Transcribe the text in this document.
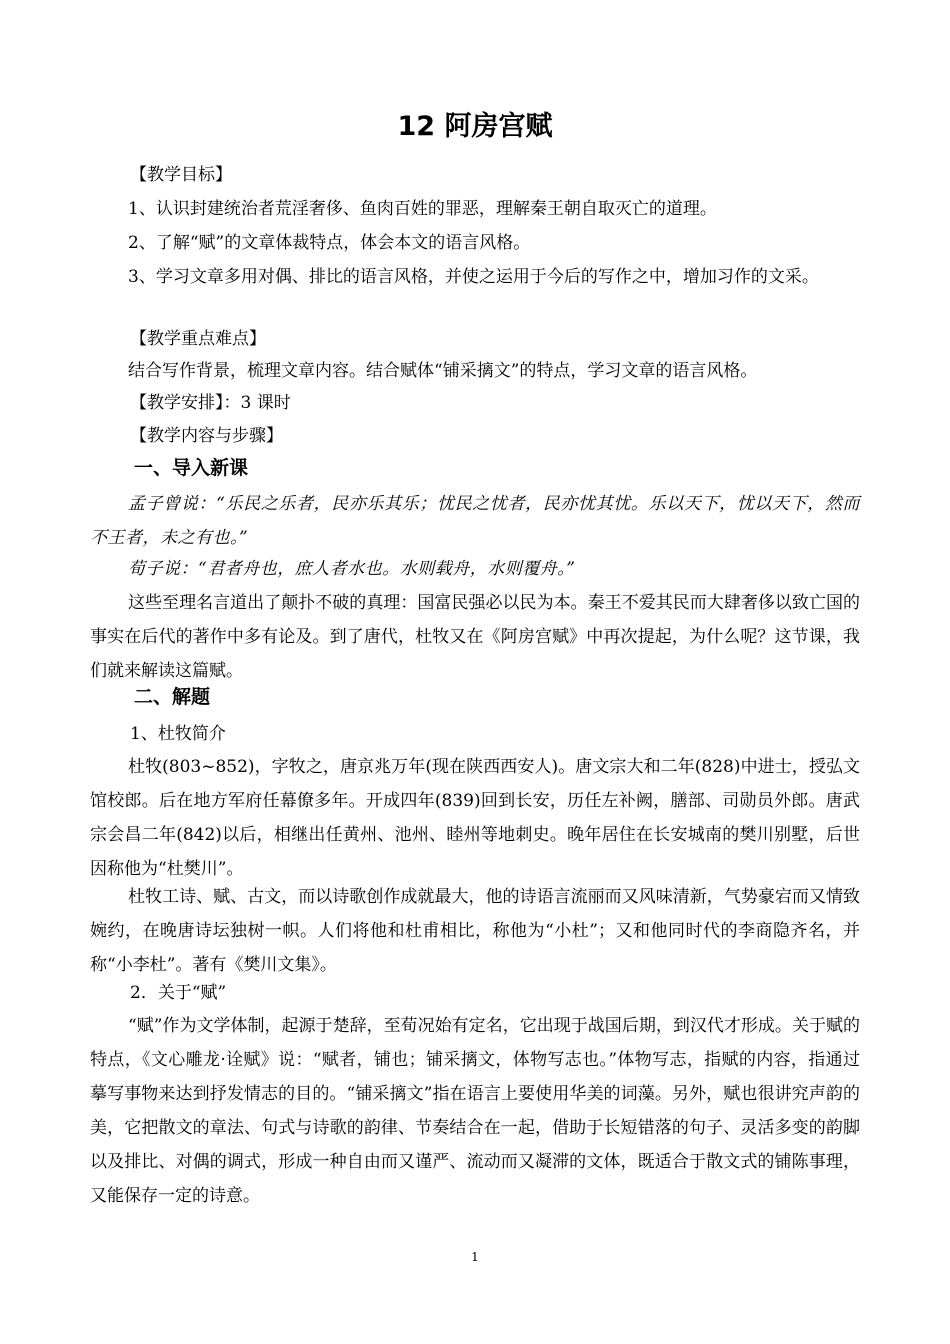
12 阿房宫赋
【教学目标】
1、认识封建统治者荒淫奢侈、鱼肉百姓的罪恶，理解秦王朝自取灭亡的道理。
2、了解“赋”的文章体裁特点，体会本文的语言风格。
3、学习文章多用对偶、排比的语言风格，并使之运用于今后的写作之中，增加习作的文采。
【教学重点难点】
结合写作背景，梳理文章内容。结合赋体“铺采摛文”的特点，学习文章的语言风格。
【教学安排】：3 课时
【教学内容与步骤】
一、导入新课
孟子曾说：“乐民之乐者，民亦乐其乐；忧民之忧者，民亦忧其忧。乐以天下，忧以天下，然而不王者，未之有也。”
荀子说：“君者舟也，庶人者水也。水则载舟，水则覆舟。”
这些至理名言道出了颠扑不破的真理：国富民强必以民为本。秦王不爱其民而大肆奢侈以致亡国的事实在后代的著作中多有论及。到了唐代，杜牧又在《阿房宫赋》中再次提起，为什么呢？这节课，我们就来解读这篇赋。
二、解题
1、杜牧简介
杜牧(803~852)，字牧之，唐京兆万年(现在陕西西安人)。唐文宗大和二年(828)中进士，授弘文馆校郎。后在地方军府任幕僚多年。开成四年(839)回到长安，历任左补阙，膳部、司勋员外郎。唐武宗会昌二年(842)以后，相继出任黄州、池州、睦州等地刺史。晚年居住在长安城南的樊川别墅，后世因称他为“杜樊川”。
杜牧工诗、赋、古文，而以诗歌创作成就最大，他的诗语言流丽而又风味清新，气势豪宕而又情致婉约，在晚唐诗坛独树一帜。人们将他和杜甫相比，称他为“小杜”；又和他同时代的李商隐齐名，并称“小李杜”。著有《樊川文集》。
2．关于“赋”
“赋”作为文学体制，起源于楚辞，至荀况始有定名，它出现于战国后期，到汉代才形成。关于赋的特点，《文心雕龙·诠赋》说：“赋者，铺也；铺采摛文，体物写志也。”体物写志，指赋的内容，指通过摹写事物来达到抒发情志的目的。“铺采摛文”指在语言上要使用华美的词藻。另外，赋也很讲究声韵的美，它把散文的章法、句式与诗歌的韵律、节奏结合在一起，借助于长短错落的句子、灵活多变的韵脚以及排比、对偶的调式，形成一种自由而又谨严、流动而又凝滞的文体，既适合于散文式的铺陈事理，又能保存一定的诗意。
1
